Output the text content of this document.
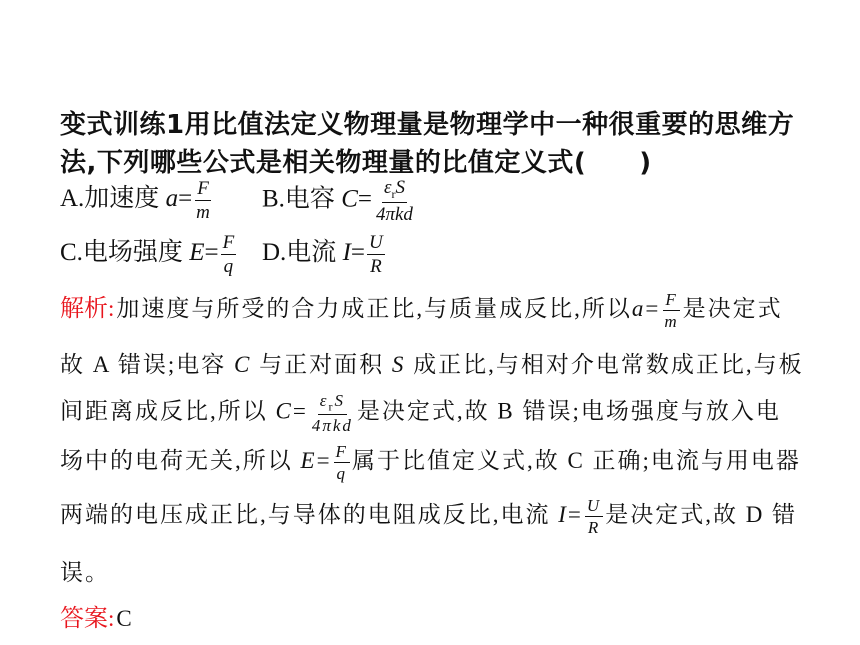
变式训练1用比值法定义物理量是物理学中一种很重要的思维方
法,下列哪些公式是相关物理量的比值定义式(　　)
A.加速度 $a= \frac{F}{m} B$.电容 $C= \frac{\varepsilon_rS}{\text{4πkd}}$
C.电场强度 $E= \frac{F}{q} D$.电流 $I= \frac{U}{R}$
解析:加速度与所受的合力成正比,与质量成反比,所以$a= \frac{F}{m}$ 是决定式
故 A 错误;电容 C 与正对面积 S 成正比,与相对介电常数成正比,与板
间距离成反比,所以 $C= \frac{\varepsilon_rS}{\text{4πkd}}$ 是决定式,故 B 错误;电场强度与放入电
场中的电荷无关,所以 $E= \frac{F}{q}$ 属于比值定义式,故 C 正确;电流与用电器
两端的电压成正比,与导体的电阻成反比,电流 $I= \frac{U}{R}$ 是决定式,故 D 错
误。
答案:C
